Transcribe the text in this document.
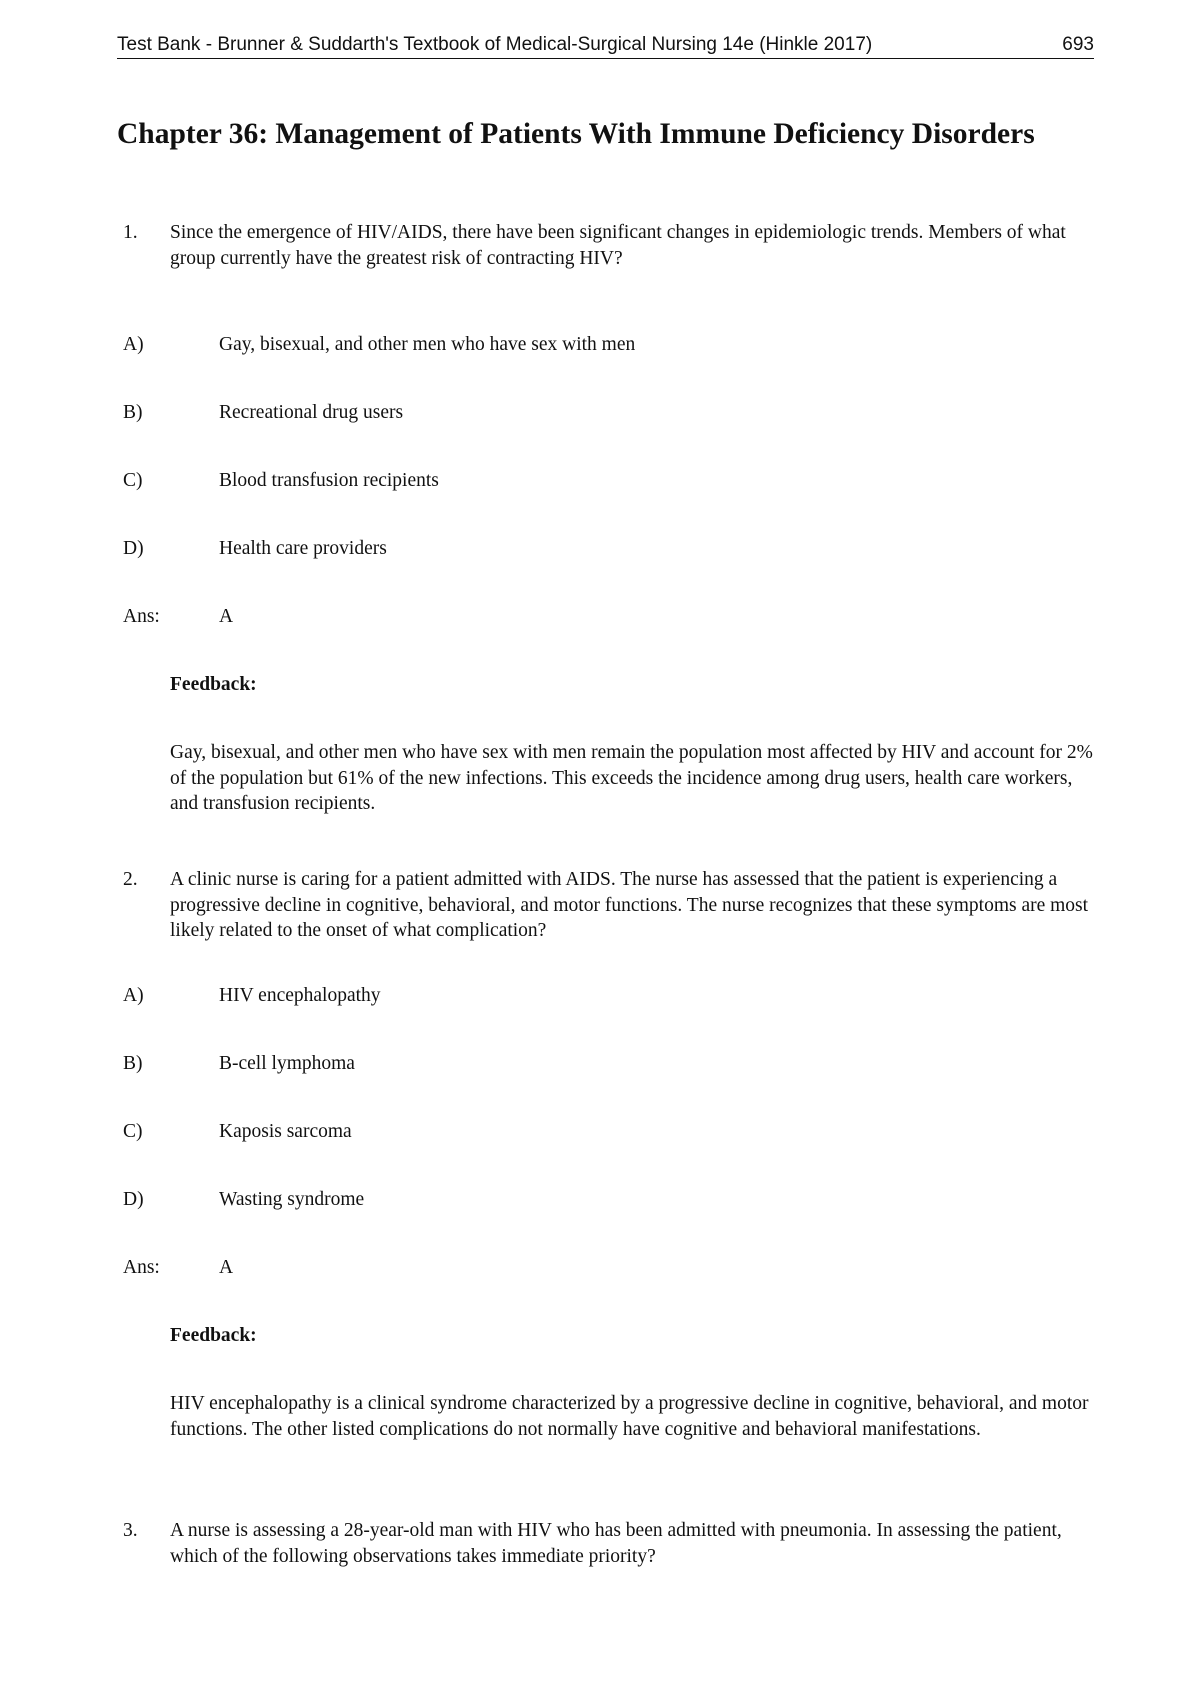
Test Bank - Brunner & Suddarth's Textbook of Medical-Surgical Nursing 14e (Hinkle 2017)	693
Chapter 36: Management of Patients With Immune Deficiency Disorders
1. Since the emergence of HIV/AIDS, there have been significant changes in epidemiologic trends. Members of what group currently have the greatest risk of contracting HIV?
A)	Gay, bisexual, and other men who have sex with men
B)	Recreational drug users
C)	Blood transfusion recipients
D)	Health care providers
Ans:	A
Feedback:
Gay, bisexual, and other men who have sex with men remain the population most affected by HIV and account for 2% of the population but 61% of the new infections. This exceeds the incidence among drug users, health care workers, and transfusion recipients.
2. A clinic nurse is caring for a patient admitted with AIDS. The nurse has assessed that the patient is experiencing a progressive decline in cognitive, behavioral, and motor functions. The nurse recognizes that these symptoms are most likely related to the onset of what complication?
A)	HIV encephalopathy
B)	B-cell lymphoma
C)	Kaposis sarcoma
D)	Wasting syndrome
Ans:	A
Feedback:
HIV encephalopathy is a clinical syndrome characterized by a progressive decline in cognitive, behavioral, and motor functions. The other listed complications do not normally have cognitive and behavioral manifestations.
3. A nurse is assessing a 28-year-old man with HIV who has been admitted with pneumonia. In assessing the patient, which of the following observations takes immediate priority?
